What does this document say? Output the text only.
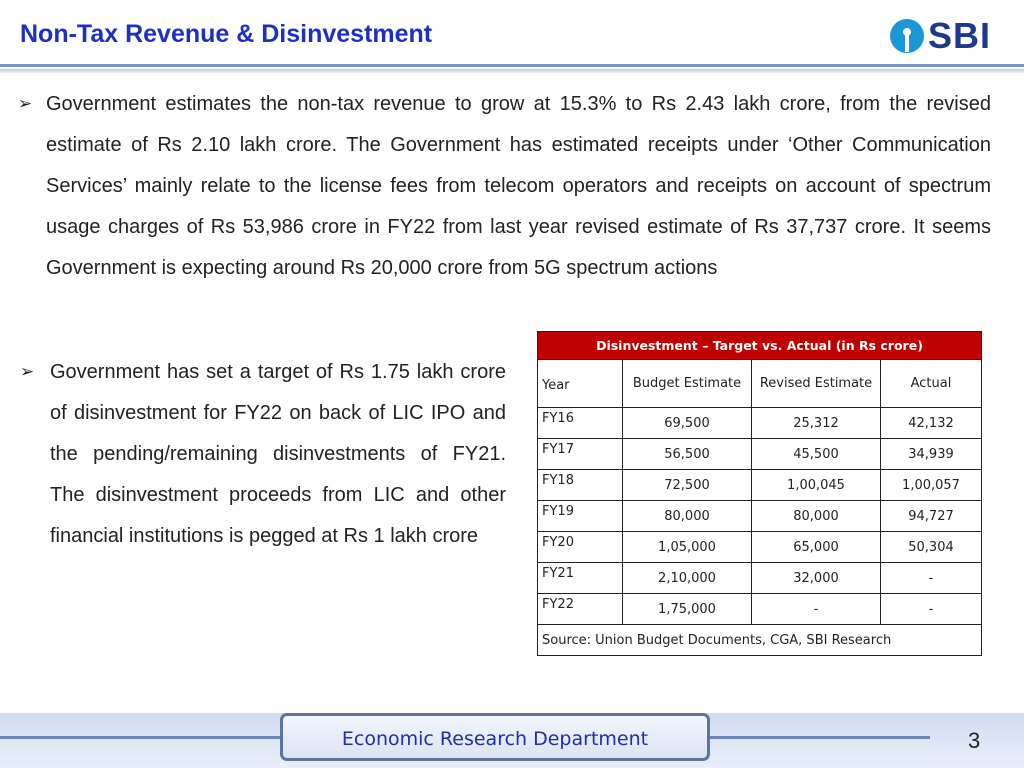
Non-Tax Revenue & Disinvestment	SBI
➢ Government estimates the non-tax revenue to grow at 15.3% to Rs 2.43 lakh crore, from the revised estimate of Rs 2.10 lakh crore. The Government has estimated receipts under ‘Other Communication Services’ mainly relate to the license fees from telecom operators and receipts on account of spectrum usage charges of Rs 53,986 crore in FY22 from last year revised estimate of Rs 37,737 crore. It seems Government is expecting around Rs 20,000 crore from 5G spectrum actions
➢ Government has set a target of Rs 1.75 lakh crore of disinvestment for FY22 on back of LIC IPO and the pending/remaining disinvestments of FY21. The disinvestment proceeds from LIC and other financial institutions is pegged at Rs 1 lakh crore
Disinvestment – Target vs. Actual (in Rs crore)			
Year	Budget Estimate	Revised Estimate	Actual
FY16	69,500	25,312	42,132
FY17	56,500	45,500	34,939
FY18	72,500	1,00,045	1,00,057
FY19	80,000	80,000	94,727
FY20	1,05,000	65,000	50,304
FY21	2,10,000	32,000	-
FY22	1,75,000	-	-
Source: Union Budget Documents, CGA, SBI Research			
Economic Research Department	3
